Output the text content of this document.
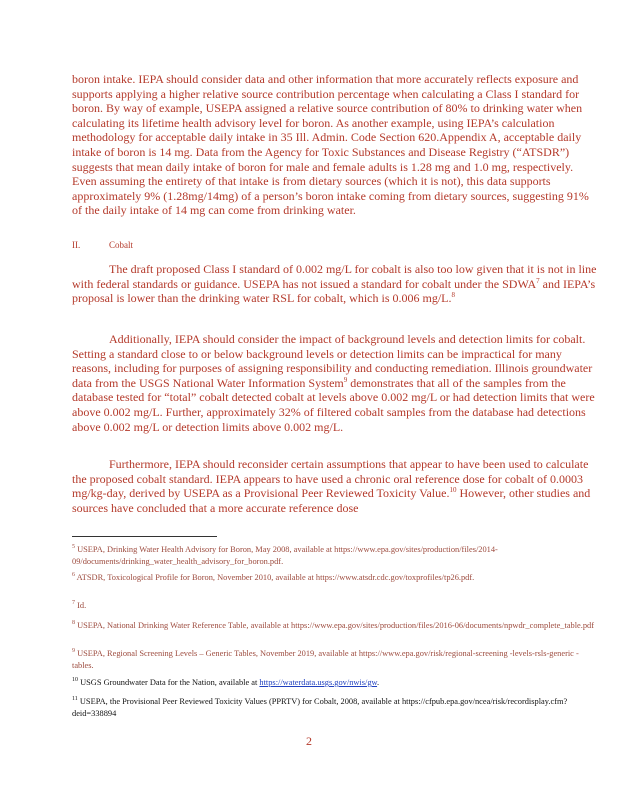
boron intake. IEPA should consider data and other information that more accurately reflects exposure and supports applying a higher relative source contribution percentage when calculating a Class I standard for boron. By way of example, USEPA assigned a relative source contribution of 80% to drinking water when calculating its lifetime health advisory level for boron. As another example, using IEPA’s calculation methodology for acceptable daily intake in 35 Ill. Admin. Code Section 620.Appendix A, acceptable daily intake of boron is 14 mg. Data from the Agency for Toxic Substances and Disease Registry (“ATSDR”) suggests that mean daily intake of boron for male and female adults is 1.28 mg and 1.0 mg, respectively. Even assuming the entirety of that intake is from dietary sources (which it is not), this data supports approximately 9% (1.28mg/14mg) of a person’s boron intake coming from dietary sources, suggesting 91% of the daily intake of 14 mg can come from drinking water.

II.	Cobalt

The draft proposed Class I standard of 0.002 mg/L for cobalt is also too low given that it is not in line with federal standards or guidance. USEPA has not issued a standard for cobalt under the SDWA$^7$ and IEPA’s proposal is lower than the drinking water RSL for cobalt, which is 0.006 mg/L.$^8$

Additionally, IEPA should consider the impact of background levels and detection limits for cobalt. Setting a standard close to or below background levels or detection limits can be impractical for many reasons, including for purposes of assigning responsibility and conducting remediation. Illinois groundwater data from the USGS National Water Information System$^9$ demonstrates that all of the samples from the database tested for “total” cobalt detected cobalt at levels above 0.002 mg/L or had detection limits that were above 0.002 mg/L. Further, approximately 32% of filtered cobalt samples from the database had detections above 0.002 mg/L or detection limits above 0.002 mg/L.

Furthermore, IEPA should reconsider certain assumptions that appear to have been used to calculate the proposed cobalt standard. IEPA appears to have used a chronic oral reference dose for cobalt of 0.0003 mg/kg-day, derived by USEPA as a Provisional Peer Reviewed Toxicity Value.$^{10}$ However, other studies and sources have concluded that a more accurate reference dose

$^5$ USEPA, Drinking Water Health Advisory for Boron, May 2008, available at https://www.epa.gov/sites/production/files/2014-09/documents/drinking_water_health_advisory_for_boron.pdf.

$^6$ ATSDR, Toxicological Profile for Boron, November 2010, available at https://www.atsdr.cdc.gov/toxprofiles/tp26.pdf.

$^7$ Id.

$^8$ USEPA, National Drinking Water Reference Table, available at https://www.epa.gov/sites/production/files/2016-06/documents/npwdr_complete_table.pdf

$^9$ USEPA, Regional Screening Levels – Generic Tables, November 2019, available at https://www.epa.gov/risk/regional-screening -levels-rsls-generic -tables.

$^{10}$ USGS Groundwater Data for the Nation, available at https://waterdata.usgs.gov/nwis/gw.

$^{11}$ USEPA, the Provisional Peer Reviewed Toxicity Values (PPRTV) for Cobalt, 2008, available at https://cfpub.epa.gov/ncea/risk/recordisplay.cfm?deid=338894

2
